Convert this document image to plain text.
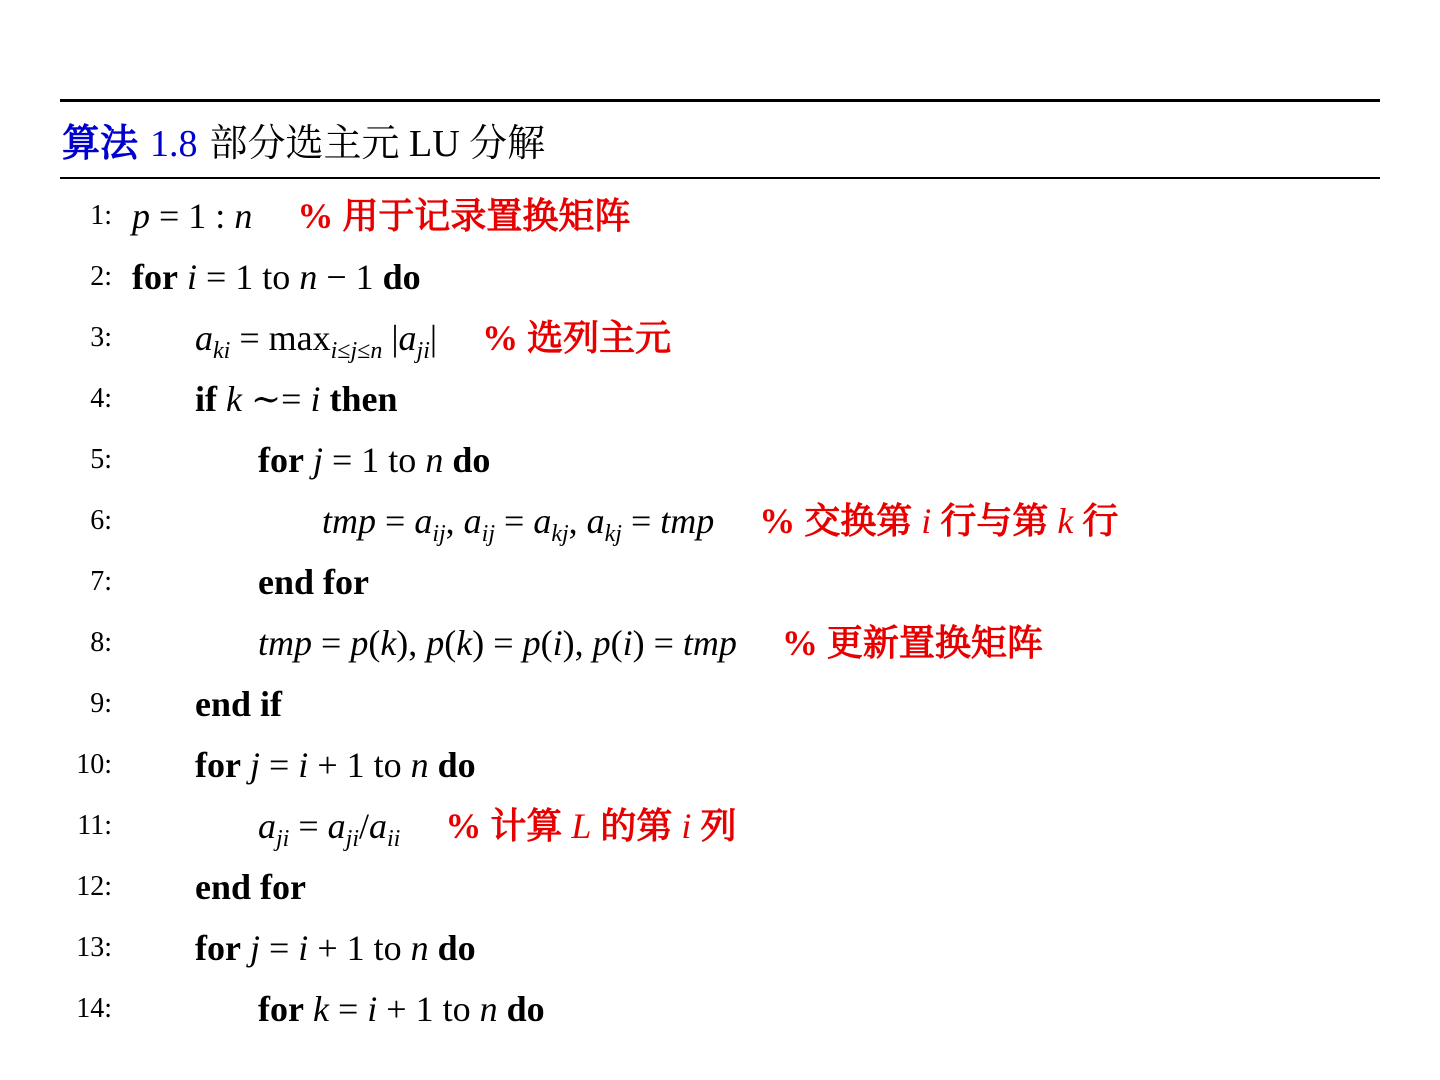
算法 1.8 部分选主元 LU 分解
1: p = 1 : n % 用于记录置换矩阵
2: for i = 1 to n − 1 do
3: $a_{ki} = \max_{i\le j\le n} |a_{ji}|$     % 选列主元
4: if k ∼= i then
5:	for j = 1 to n do
6:	tmp = $a_{ij}$, $a_{ij} = a_{kj}$, $a_{kj}$ = tmp % 交换第 i 行与第 k 行
7:	end for
8:	tmp = p(k), p(k) = p(i), p(i) = tmp % 更新置换矩阵
9: end if
10: for j = i + 1 to n do
11:	$a_{ji} = a_{ji}/a_{ii}$ % 计算 L 的第 i 列
12: end for
13: for j = i + 1 to n do
14:	for k = i + 1 to n do
